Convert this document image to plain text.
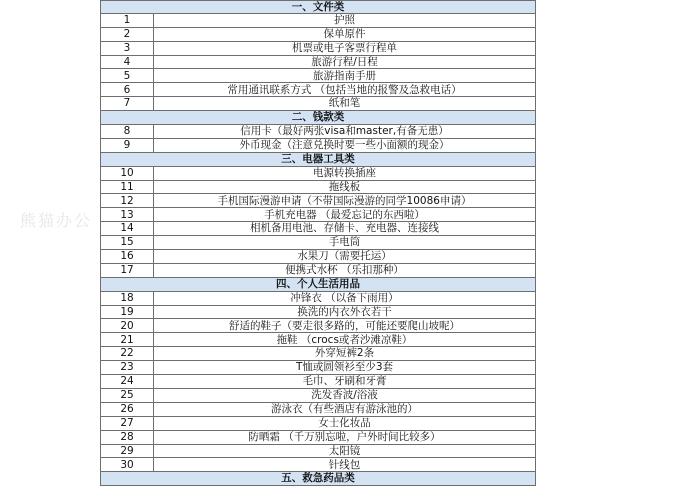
熊猫办公
一、文件类
1	护照
2	保单原件
3	机票或电子客票行程单
4	旅游行程/日程
5	旅游指南手册
6	常用通讯联系方式 （包括当地的报警及急救电话）
7	纸和笔
二、钱款类
8	信用卡（最好两张visa和master,有备无患）
9	外币现金（注意兑换时要一些小面额的现金）
三、电器工具类
10	电源转换插座
11	拖线板
12	手机国际漫游申请（不带国际漫游的同学10086申请）
13	手机充电器 （最爱忘记的东西啦）
14	相机备用电池、存储卡、充电器、连接线
15	手电筒
16	水果刀（需要托运）
17	便携式水杯 （乐扣那种）
四、个人生活用品
18	冲锋衣 （以备下雨用）
19	换洗的内衣外衣若干
20	舒适的鞋子（要走很多路的，可能还要爬山坡呢）
21	拖鞋 （crocs或者沙滩凉鞋）
22	外穿短裤2条
23	T恤或圆领衫至少3套
24	毛巾、牙刷和牙膏
25	洗发香波/浴液
26	游泳衣（有些酒店有游泳池的）
27	女士化妆品
28	防晒霜 （千万别忘啦，户外时间比较多）
29	太阳镜
30	针线包
五、救急药品类
